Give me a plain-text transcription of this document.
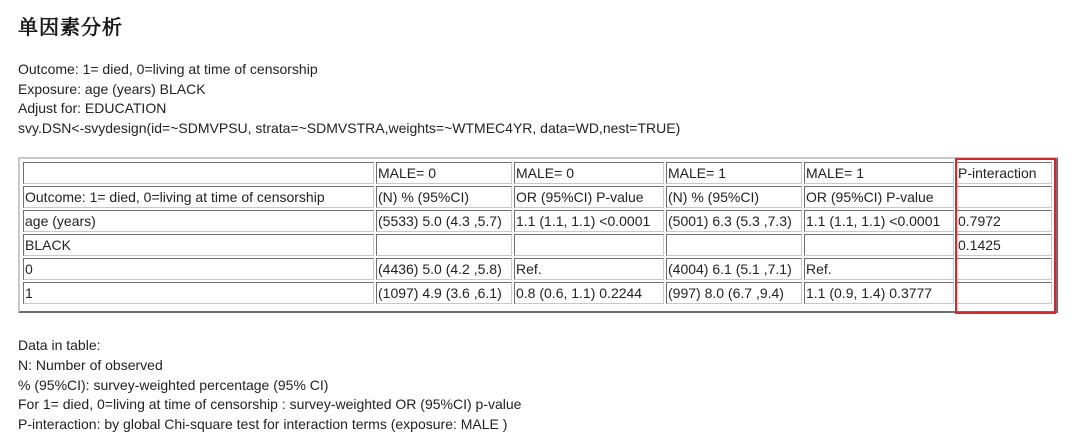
单因素分析
Outcome: 1= died, 0=living at time of censorship
Exposure: age (years) BLACK
Adjust for: EDUCATION
svy.DSN<-svydesign(id=~SDMVPSU, strata=~SDMVSTRA,weights=~WTMEC4YR, data=WD,nest=TRUE)
	MALE= 0	MALE= 0	MALE= 1	MALE= 1	P-interaction
Outcome: 1= died, 0=living at time of censorship	(N) % (95%CI)	OR (95%CI) P-value	(N) % (95%CI)	OR (95%CI) P-value	
age (years)	(5533) 5.0 (4.3 ,5.7)	1.1 (1.1, 1.1) <0.0001	(5001) 6.3 (5.3 ,7.3)	1.1 (1.1, 1.1) <0.0001	0.7972
BLACK					0.1425
0	(4436) 5.0 (4.2 ,5.8)	Ref.	(4004) 6.1 (5.1 ,7.1)	Ref.	
1	(1097) 4.9 (3.6 ,6.1)	0.8 (0.6, 1.1) 0.2244	(997) 8.0 (6.7 ,9.4)	1.1 (0.9, 1.4) 0.3777	
Data in table:
N: Number of observed
% (95%CI): survey-weighted percentage (95% CI)
For 1= died, 0=living at time of censorship : survey-weighted OR (95%CI) p-value
P-interaction: by global Chi-square test for interaction terms (exposure: MALE )
